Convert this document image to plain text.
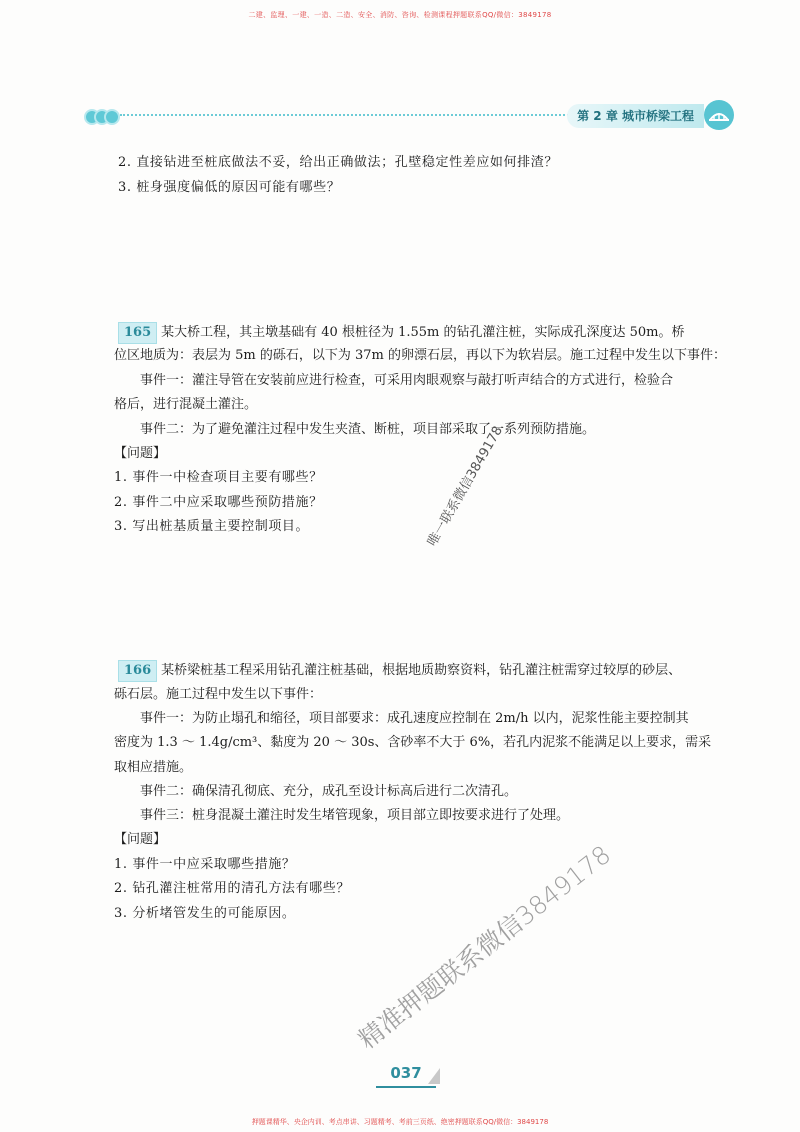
二建、监理、一建、一造、二造、安全、消防、咨询、检测课程押题联系QQ/微信：3849178
第 2 章 城市桥梁工程
2. 直接钻进至桩底做法不妥，给出正确做法；孔壁稳定性差应如何排渣？
3. 桩身强度偏低的原因可能有哪些？
165 某大桥工程，其主墩基础有 40 根桩径为 1.55m 的钻孔灌注桩，实际成孔深度达 50m。桥
位区地质为：表层为 5m 的砾石，以下为 37m 的卵漂石层，再以下为软岩层。施工过程中发生以下事件：
事件一：灌注导管在安装前应进行检查，可采用肉眼观察与敲打听声结合的方式进行，检验合
格后，进行混凝土灌注。
事件二：为了避免灌注过程中发生夹渣、断桩，项目部采取了一系列预防措施。
【问题】
1. 事件一中检查项目主要有哪些？
2. 事件二中应采取哪些预防措施？
3. 写出桩基质量主要控制项目。	唯一联系微信3849178
166 某桥梁桩基工程采用钻孔灌注桩基础，根据地质勘察资料，钻孔灌注桩需穿过较厚的砂层、
砾石层。施工过程中发生以下事件：
事件一：为防止塌孔和缩径，项目部要求：成孔速度应控制在 2m/h 以内，泥浆性能主要控制其
密度为 1.3 ～ 1.4g/cm³、黏度为 20 ～ 30s、含砂率不大于 6%，若孔内泥浆不能满足以上要求，需采
取相应措施。
事件二：确保清孔彻底、充分，成孔至设计标高后进行二次清孔。
事件三：桩身混凝土灌注时发生堵管现象，项目部立即按要求进行了处理。
【问题】
1. 事件一中应采取哪些措施？
2. 钻孔灌注桩常用的清孔方法有哪些？
3. 分析堵管发生的可能原因。 精准押题联系微信3849178
037
押题课精华、央企内训、考点串讲、习题精考、考前三页纸、绝密押题联系QQ/微信：3849178
